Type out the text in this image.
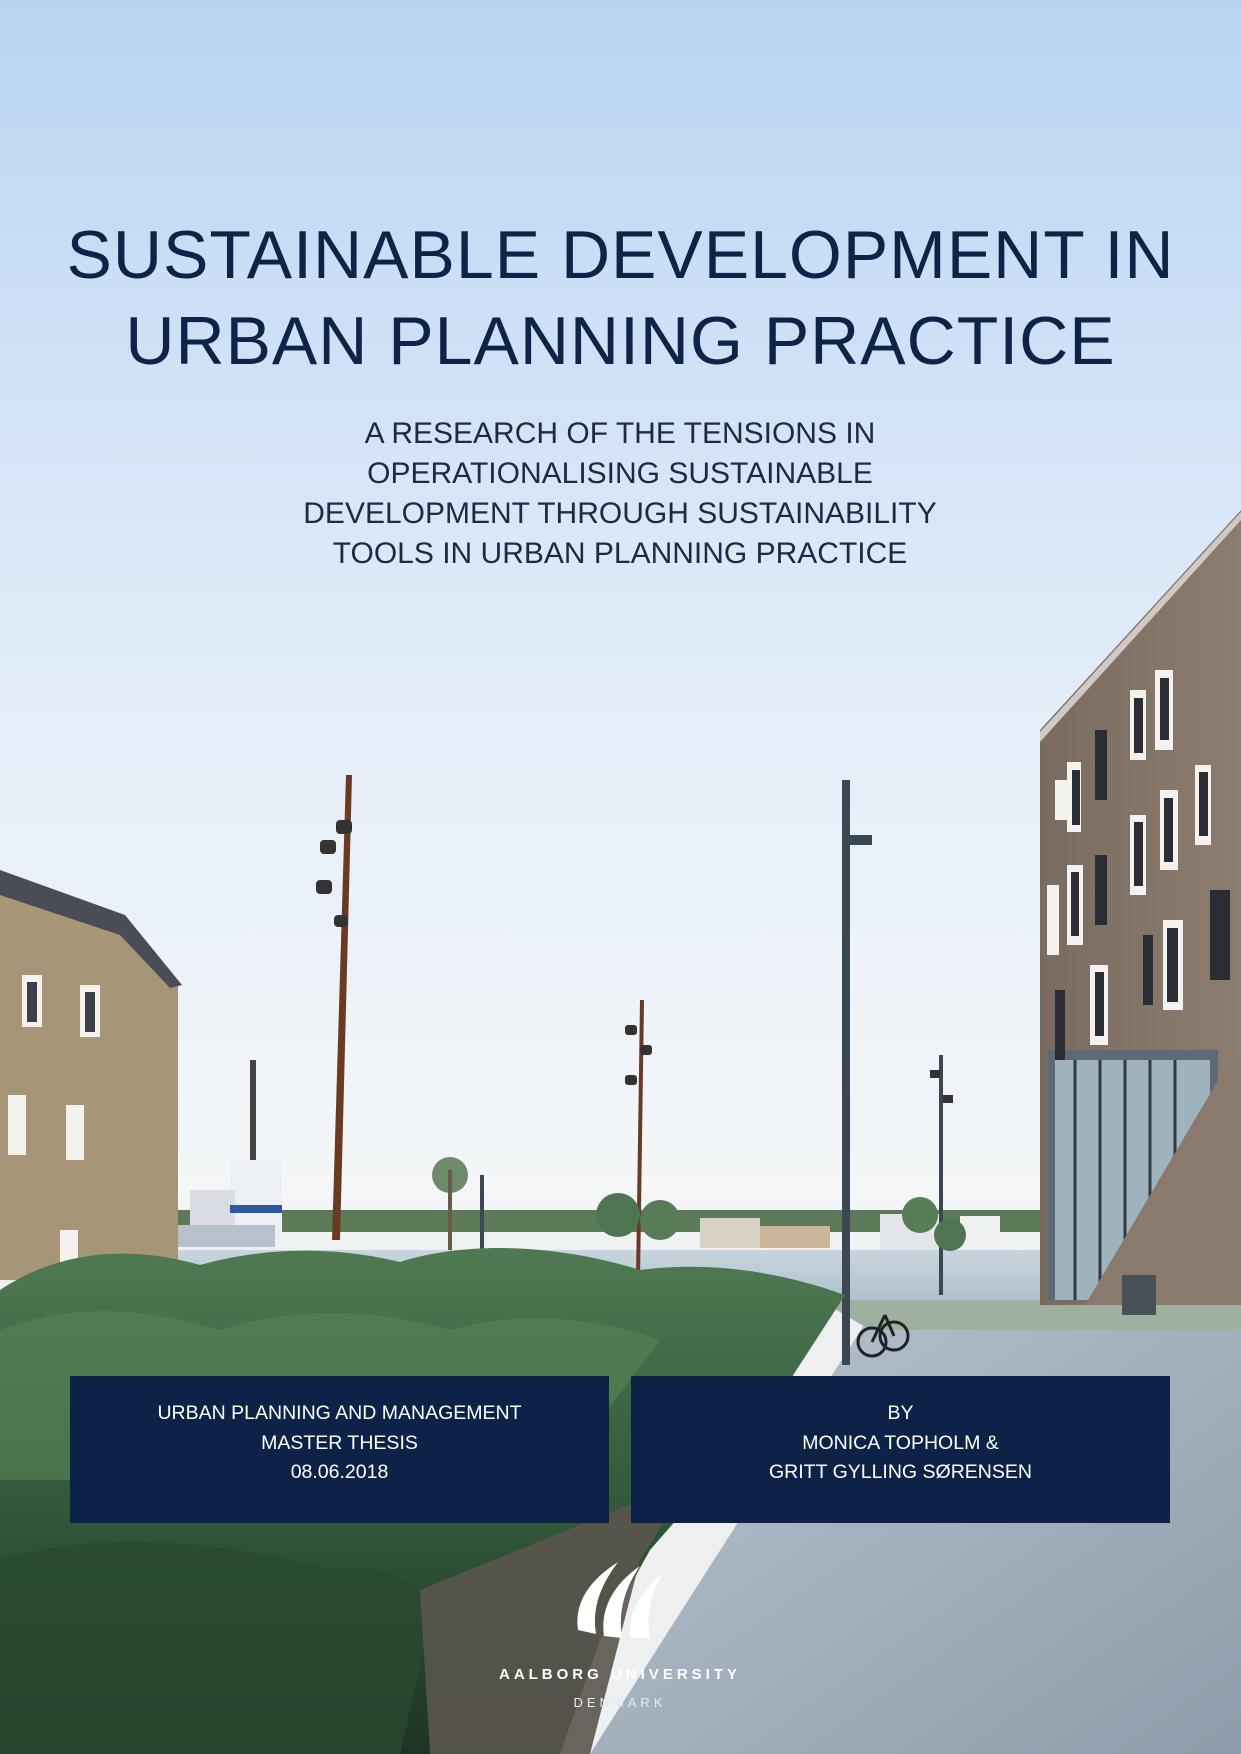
SUSTAINABLE DEVELOPMENT IN
URBAN PLANNING PRACTICE
A RESEARCH OF THE TENSIONS IN
OPERATIONALISING SUSTAINABLE
DEVELOPMENT THROUGH SUSTAINABILITY
TOOLS IN URBAN PLANNING PRACTICE
URBAN PLANNING AND MANAGEMENT
MASTER THESIS
08.06.2018
BY
MONICA TOPHOLM &
GRITT GYLLING SØRENSEN
AALBORG UNIVERSITY
DENMARK
